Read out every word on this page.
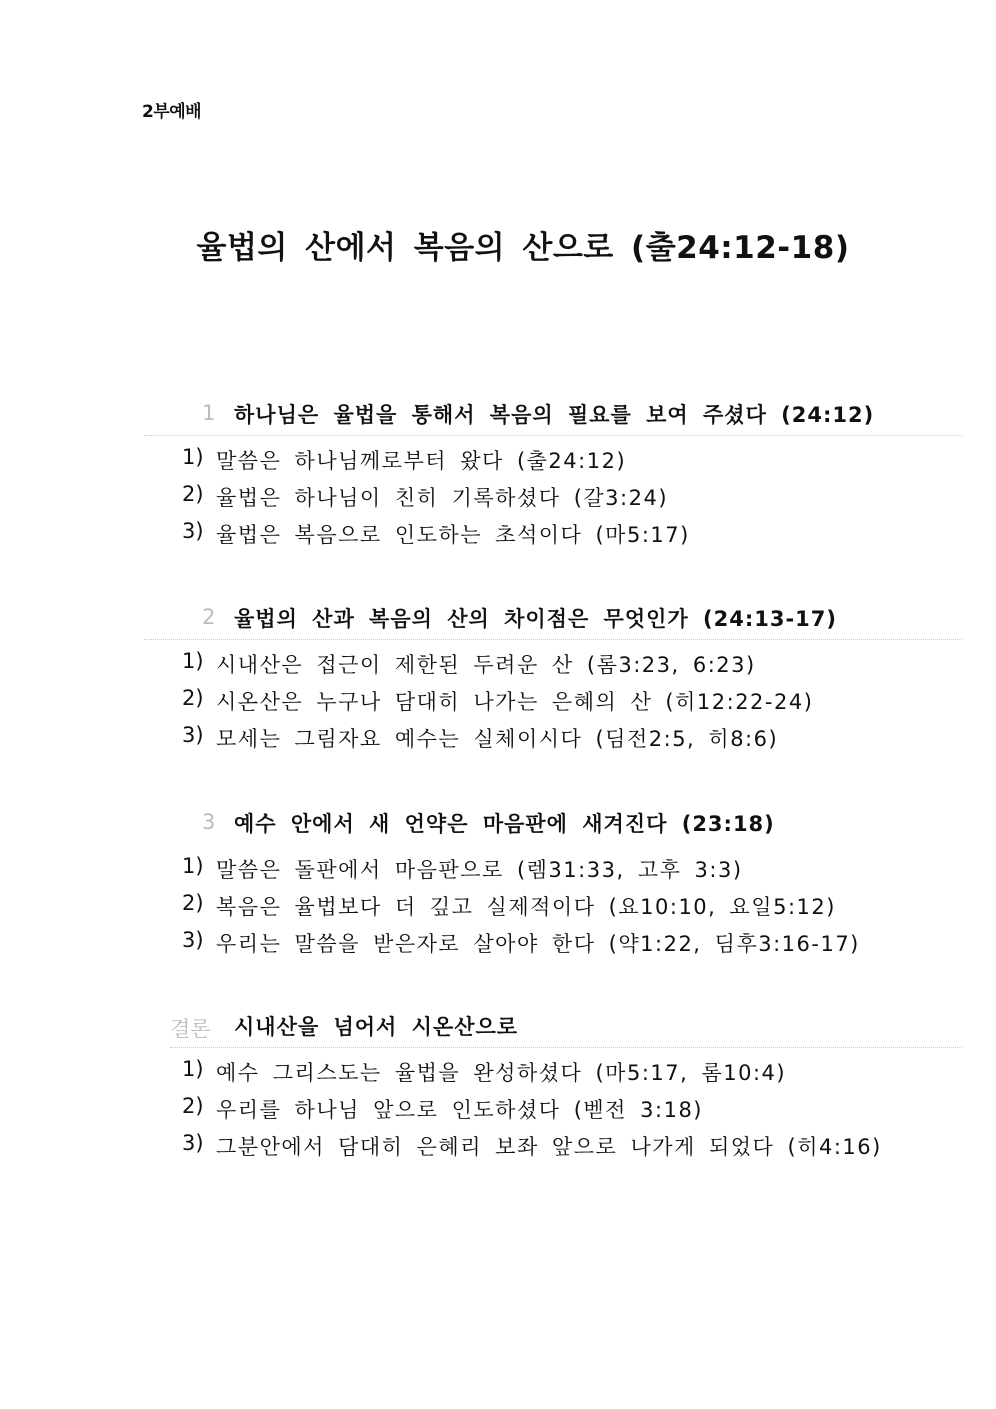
2부예배
율법의 산에서 복음의 산으로 (출24:12-18)
1 하나님은 율법을 통해서 복음의 필요를 보여 주셨다 (24:12)
1) 말씀은 하나님께로부터 왔다 (출24:12)
2) 율법은 하나님이 친히 기록하셨다 (갈3:24)
3) 율법은 복음으로 인도하는 초석이다 (마5:17)
2 율법의 산과 복음의 산의 차이점은 무엇인가 (24:13-17)
1) 시내산은 접근이 제한된 두려운 산 (롬3:23, 6:23)
2) 시온산은 누구나 담대히 나가는 은혜의 산 (히12:22-24)
3) 모세는 그림자요 예수는 실체이시다 (딤전2:5, 히8:6)
3 예수 안에서 새 언약은 마음판에 새겨진다 (23:18)
1) 말씀은 돌판에서 마음판으로 (렘31:33, 고후 3:3)
2) 복음은 율법보다 더 깊고 실제적이다 (요10:10, 요일5:12)
3) 우리는 말씀을 받은자로 살아야 한다 (약1:22, 딤후3:16-17)
결론 시내산을 넘어서 시온산으로
1) 예수 그리스도는 율법을 완성하셨다 (마5:17, 롬10:4)
2) 우리를 하나님 앞으로 인도하셨다 (벧전 3:18)
3) 그분안에서 담대히 은혜리 보좌 앞으로 나가게 되었다 (히4:16)
